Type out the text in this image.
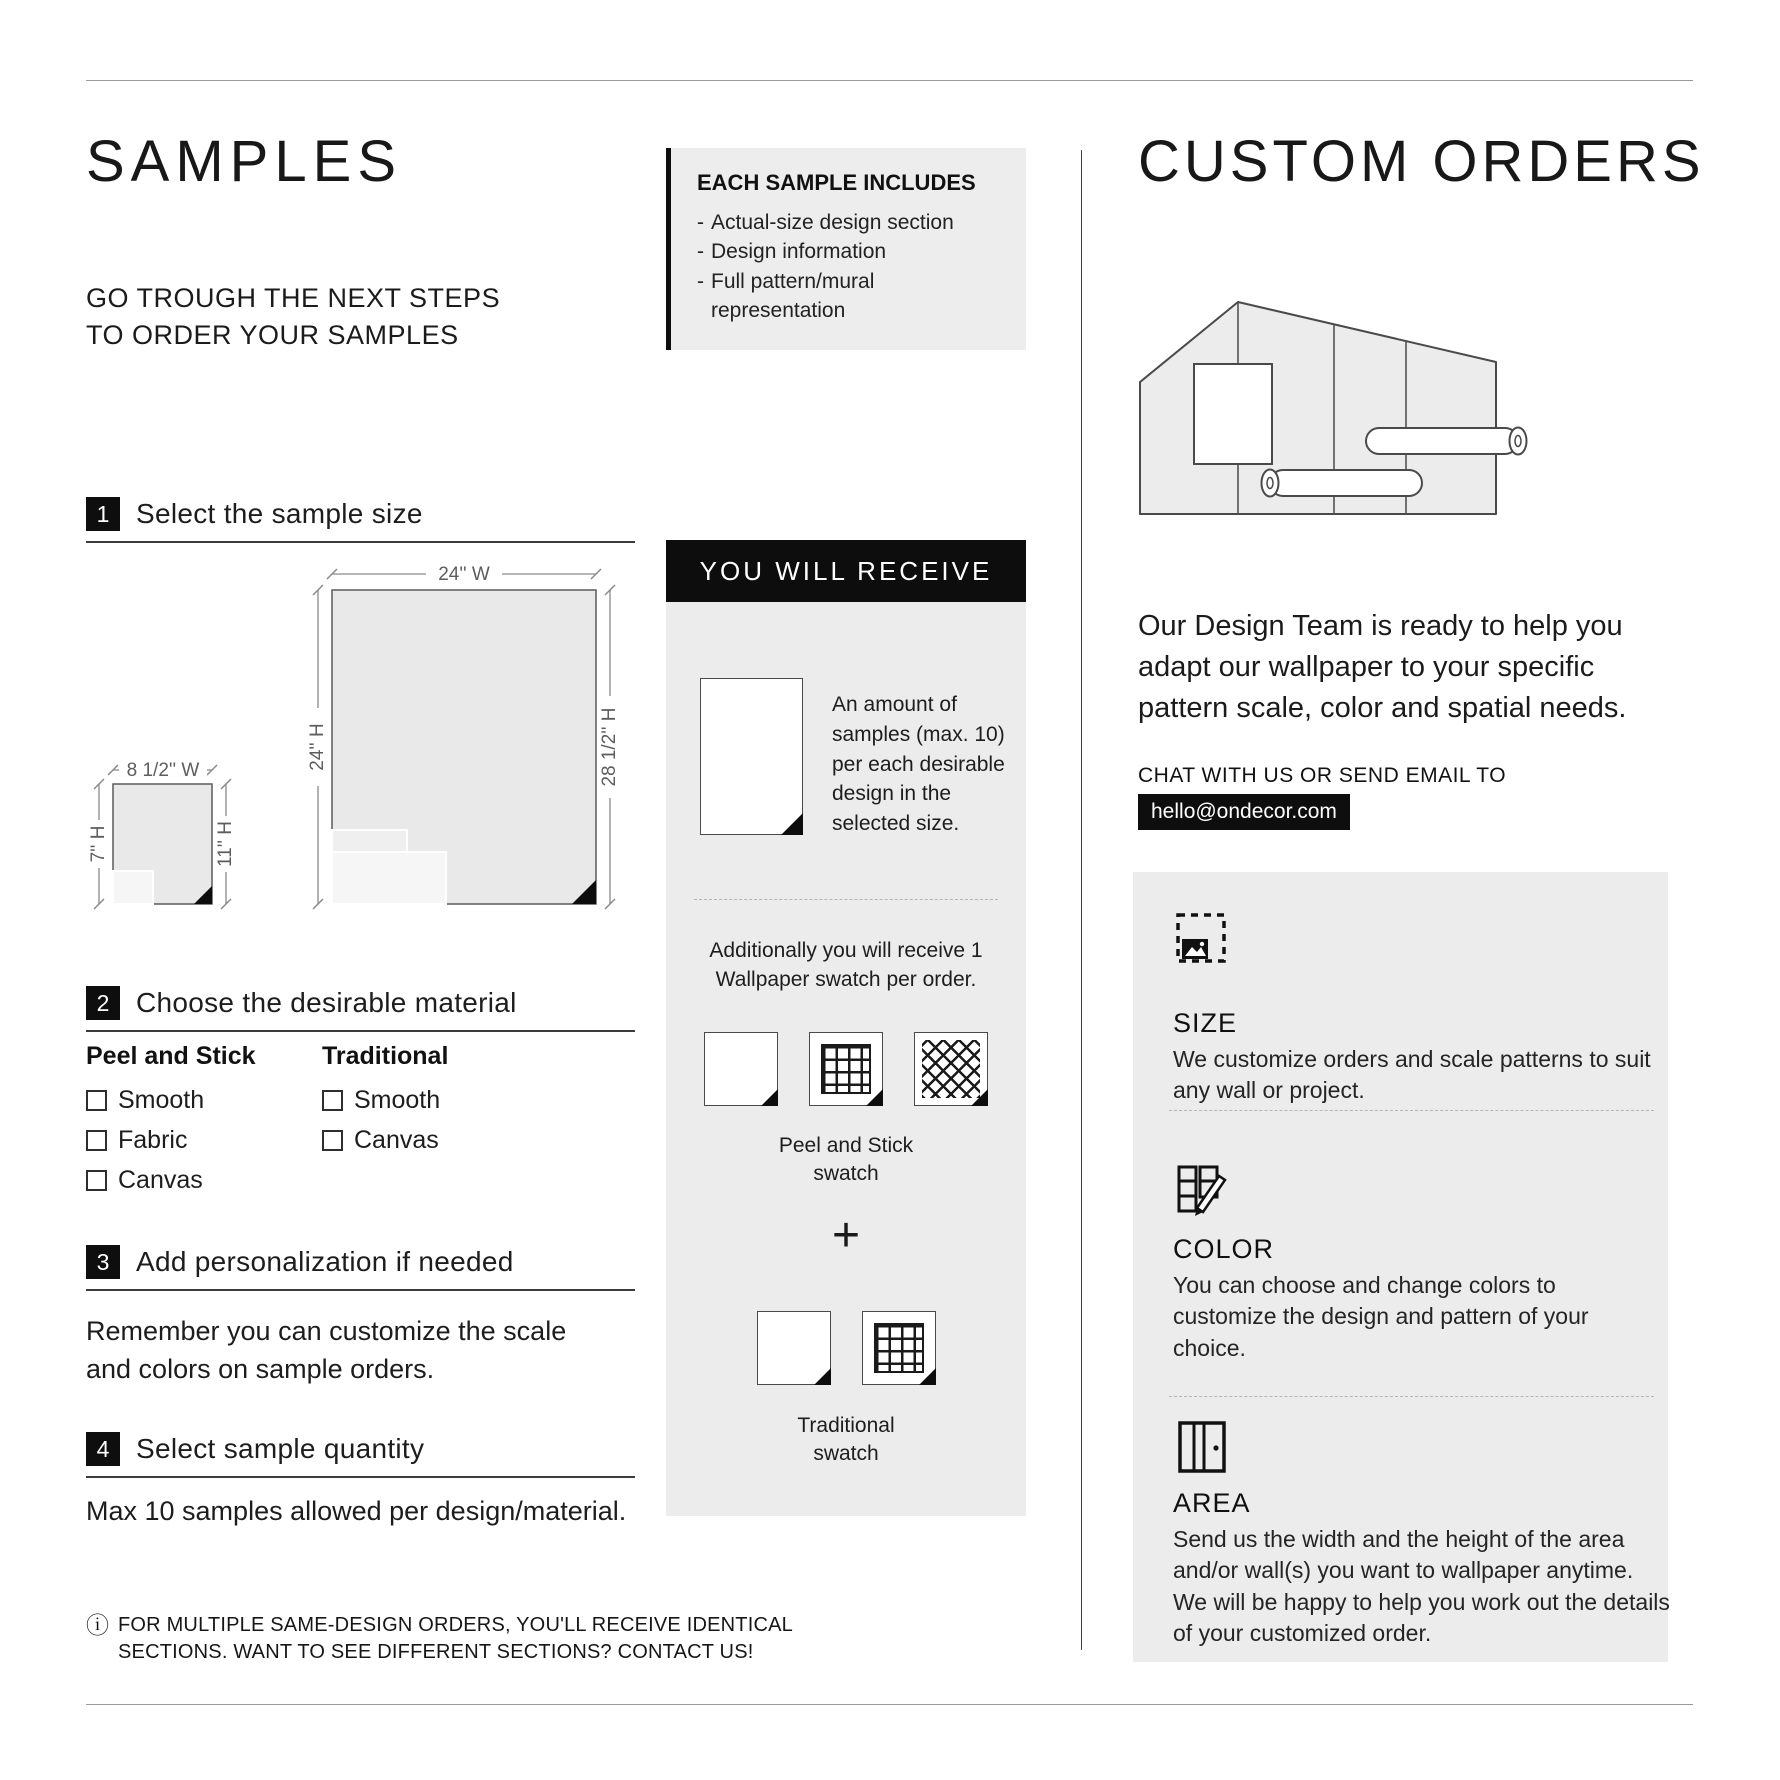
SAMPLES
GO TROUGH THE NEXT STEPS TO ORDER YOUR SAMPLES
EACH SAMPLE INCLUDES
- Actual-size design section
- Design information
- Full pattern/mural representation
1 Select the sample size
24'' W
24'' H	28 1/2'' H
8 1/2'' W
7'' H	11'' H
2 Choose the desirable material
Peel and Stick
Smooth
Fabric
Canvas
Traditional
Smooth
Canvas
3 Add personalization if needed
Remember you can customize the scale and colors on sample orders.
4 Select sample quantity
Max 10 samples allowed per design/material.
ⓘ FOR MULTIPLE SAME-DESIGN ORDERS, YOU'LL RECEIVE IDENTICAL SECTIONS. WANT TO SEE DIFFERENT SECTIONS? CONTACT US!
YOU WILL RECEIVE
An amount of samples (max. 10) per each desirable design in the selected size.
Additionally you will receive 1 Wallpaper swatch per order.
Peel and Stick swatch
+
Traditional swatch
CUSTOM ORDERS
Our Design Team is ready to help you adapt our wallpaper to your specific pattern scale, color and spatial needs.
CHAT WITH US OR SEND EMAIL TO
hello@ondecor.com
SIZE
We customize orders and scale patterns to suit any wall or project.
COLOR
You can choose and change colors to customize the design and pattern of your choice.
AREA
Send us the width and the height of the area and/or wall(s) you want to wallpaper anytime. We will be happy to help you work out the details of your customized order.
